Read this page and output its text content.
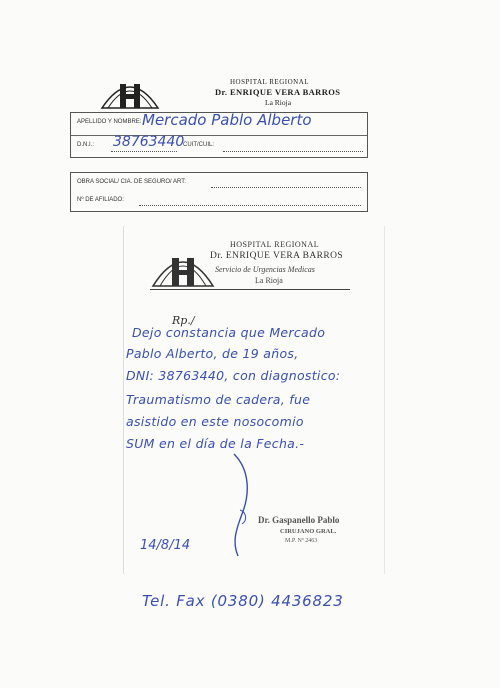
HOSPITAL REGIONAL
Dr. ENRIQUE VERA BARROS
La Rioja
APELLIDO Y NOMBRE:
D.N.I.:	CUIT/CUIL:
Mercado Pablo Alberto
38763440
OBRA SOCIAL/ CIA. DE SEGURO/ ART:
Nº DE AFILIADO:
HOSPITAL REGIONAL
Dr. ENRIQUE VERA BARROS
Servicio de Urgencias Medicas
La Rioja
Rp./
Dejo constancia que Mercado
Pablo Alberto, de 19 años,
DNI: 38763440, con diagnostico:
Traumatismo de cadera, fue
asistido en este nosocomio
SUM en el día de la Fecha.-
Dr. Gaspanello Pablo
CIRUJANO GRAL.
M.P. Nº 2463
14/8/14
Tel. Fax (0380) 4436823
